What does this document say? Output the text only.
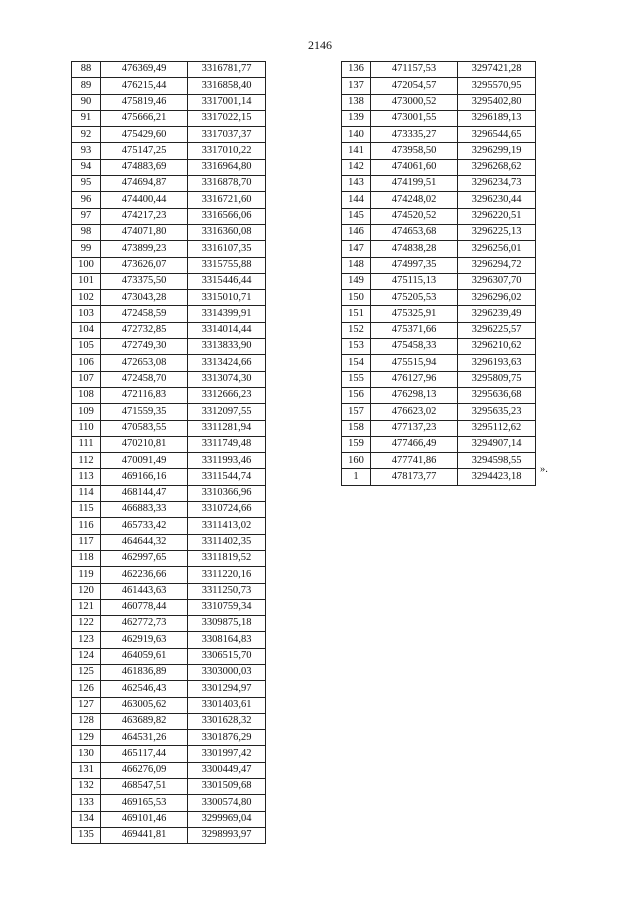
2146
88	476369,49	3316781,77
89	476215,44	3316858,40
90	475819,46	3317001,14
91	475666,21	3317022,15
92	475429,60	3317037,37
93	475147,25	3317010,22
94	474883,69	3316964,80
95	474694,87	3316878,70
96	474400,44	3316721,60
97	474217,23	3316566,06
98	474071,80	3316360,08
99	473899,23	3316107,35
100	473626,07	3315755,88
101	473375,50	3315446,44
102	473043,28	3315010,71
103	472458,59	3314399,91
104	472732,85	3314014,44
105	472749,30	3313833,90
106	472653,08	3313424,66
107	472458,70	3313074,30
108	472116,83	3312666,23
109	471559,35	3312097,55
110	470583,55	3311281,94
111	470210,81	3311749,48
112	470091,49	3311993,46
113	469166,16	3311544,74
114	468144,47	3310366,96
115	466883,33	3310724,66
116	465733,42	3311413,02
117	464644,32	3311402,35
118	462997,65	3311819,52
119	462236,66	3311220,16
120	461443,63	3311250,73
121	460778,44	3310759,34
122	462772,73	3309875,18
123	462919,63	3308164,83
124	464059,61	3306515,70
125	461836,89	3303000,03
126	462546,43	3301294,97
127	463005,62	3301403,61
128	463689,82	3301628,32
129	464531,26	3301876,29
130	465117,44	3301997,42
131	466276,09	3300449,47
132	468547,51	3301509,68
133	469165,53	3300574,80
134	469101,46	3299969,04
135	469441,81	3298993,97
136	471157,53	3297421,28
137	472054,57	3295570,95
138	473000,52	3295402,80
139	473001,55	3296189,13
140	473335,27	3296544,65
141	473958,50	3296299,19
142	474061,60	3296268,62
143	474199,51	3296234,73
144	474248,02	3296230,44
145	474520,52	3296220,51
146	474653,68	3296225,13
147	474838,28	3296256,01
148	474997,35	3296294,72
149	475115,13	3296307,70
150	475205,53	3296296,02
151	475325,91	3296239,49
152	475371,66	3296225,57
153	475458,33	3296210,62
154	475515,94	3296193,63
155	476127,96	3295809,75
156	476298,13	3295636,68
157	476623,02	3295635,23
158	477137,23	3295112,62
159	477466,49	3294907,14
160	477741,86	3294598,55
1	478173,77	3294423,18
».
